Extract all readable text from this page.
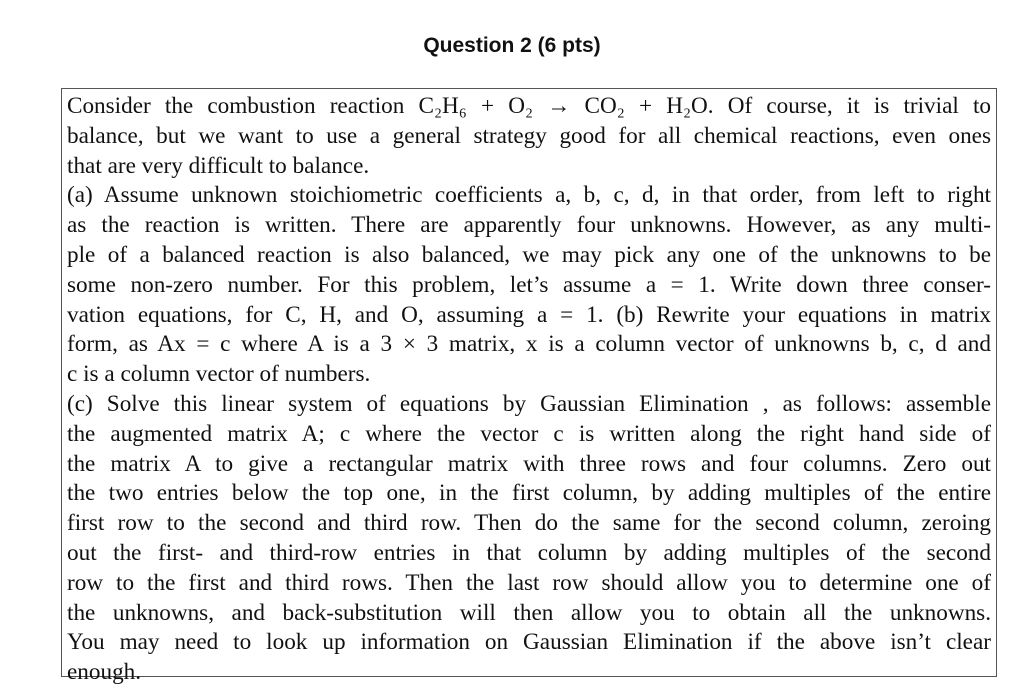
Question 2 (6 pts)

Consider the combustion reaction C₂H₆ + O₂ → CO₂ + H₂O. Of course, it is trivial to
balance, but we want to use a general strategy good for all chemical reactions, even ones
that are very difficult to balance.

(a) Assume unknown stoichiometric coefficients a, b, c, d, in that order, from left to right
as the reaction is written. There are apparently four unknowns. However, as any multi-
ple of a balanced reaction is also balanced, we may pick any one of the unknowns to be
some non-zero number. For this problem, let’s assume a = 1. Write down three conser-
vation equations, for C, H, and O, assuming a = 1. (b) Rewrite your equations in matrix
form, as Ax = c where A is a 3 × 3 matrix, x is a column vector of unknowns b, c, d and
c is a column vector of numbers.

(c) Solve this linear system of equations by Gaussian Elimination , as follows: assemble
the augmented matrix A; c where the vector c is written along the right hand side of
the matrix A to give a rectangular matrix with three rows and four columns. Zero out
the two entries below the top one, in the first column, by adding multiples of the entire
first row to the second and third row. Then do the same for the second column, zeroing
out the first- and third-row entries in that column by adding multiples of the second
row to the first and third rows. Then the last row should allow you to determine one of
the unknowns, and back-substitution will then allow you to obtain all the unknowns.
You may need to look up information on Gaussian Elimination if the above isn’t clear
enough.
